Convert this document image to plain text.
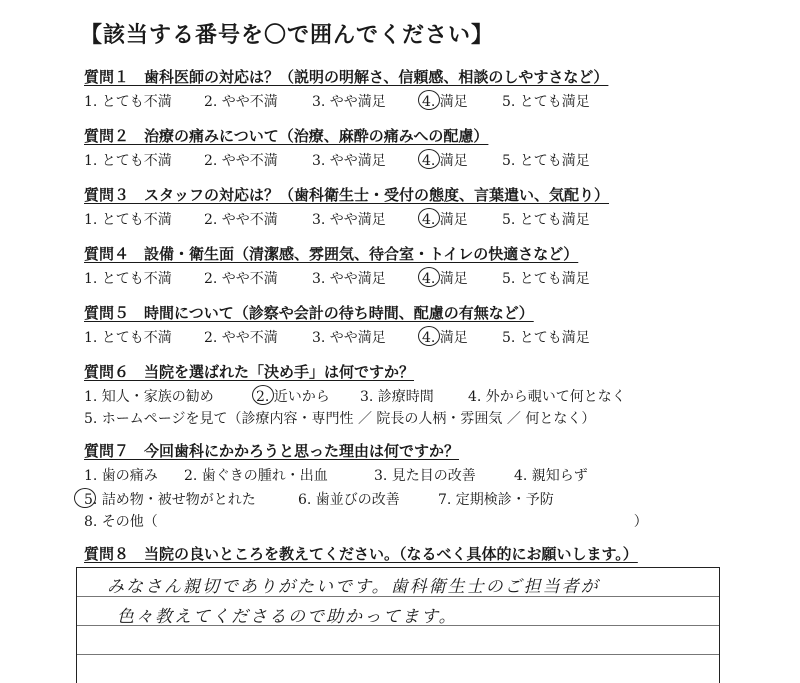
【該当する番号を〇で囲んでください】
質問１　歯科医師の対応は？（説明の明解さ、信頼感、相談のしやすさなど）
1. とても不満	2. やや不満	3. やや満足	4. 満足	5. とても満足
質問２　治療の痛みについて（治療、麻酔の痛みへの配慮）
1. とても不満	2. やや不満	3. やや満足	4. 満足	5. とても満足
質問３　スタッフの対応は？（歯科衛生士・受付の態度、言葉遣い、気配り）
1. とても不満	2. やや不満	3. やや満足	4. 満足	5. とても満足
質問４　設備・衛生面（清潔感、雰囲気、待合室・トイレの快適さなど）
1. とても不満	2. やや不満	3. やや満足	4. 満足	5. とても満足
質問５　時間について（診察や会計の待ち時間、配慮の有無など）
1. とても不満	2. やや不満	3. やや満足	4. 満足	5. とても満足
質問６　当院を選ばれた「決め手」は何ですか？
1. 知人・家族の勧め	2. 近いから	3. 診療時間	4. 外から覗いて何となく
5. ホームページを見て（診療内容・専門性 ／ 院長の人柄・雰囲気 ／ 何となく）
質問７　今回歯科にかかろうと思った理由は何ですか？
1. 歯の痛み	2. 歯ぐきの腫れ・出血	3. 見た目の改善	4. 親知らず
5. 詰め物・被せ物がとれた	6. 歯並びの改善	7. 定期検診・予防
8. その他（　　　　　　　　　　　　　　　　　　　　　　　　　　　　　　　　　　）
質問８　当院の良いところを教えてください。（なるべく具体的にお願いします。）
みなさん親切でありがたいです。歯科衛生士のご担当者が
色々教えてくださるので助かってます。
